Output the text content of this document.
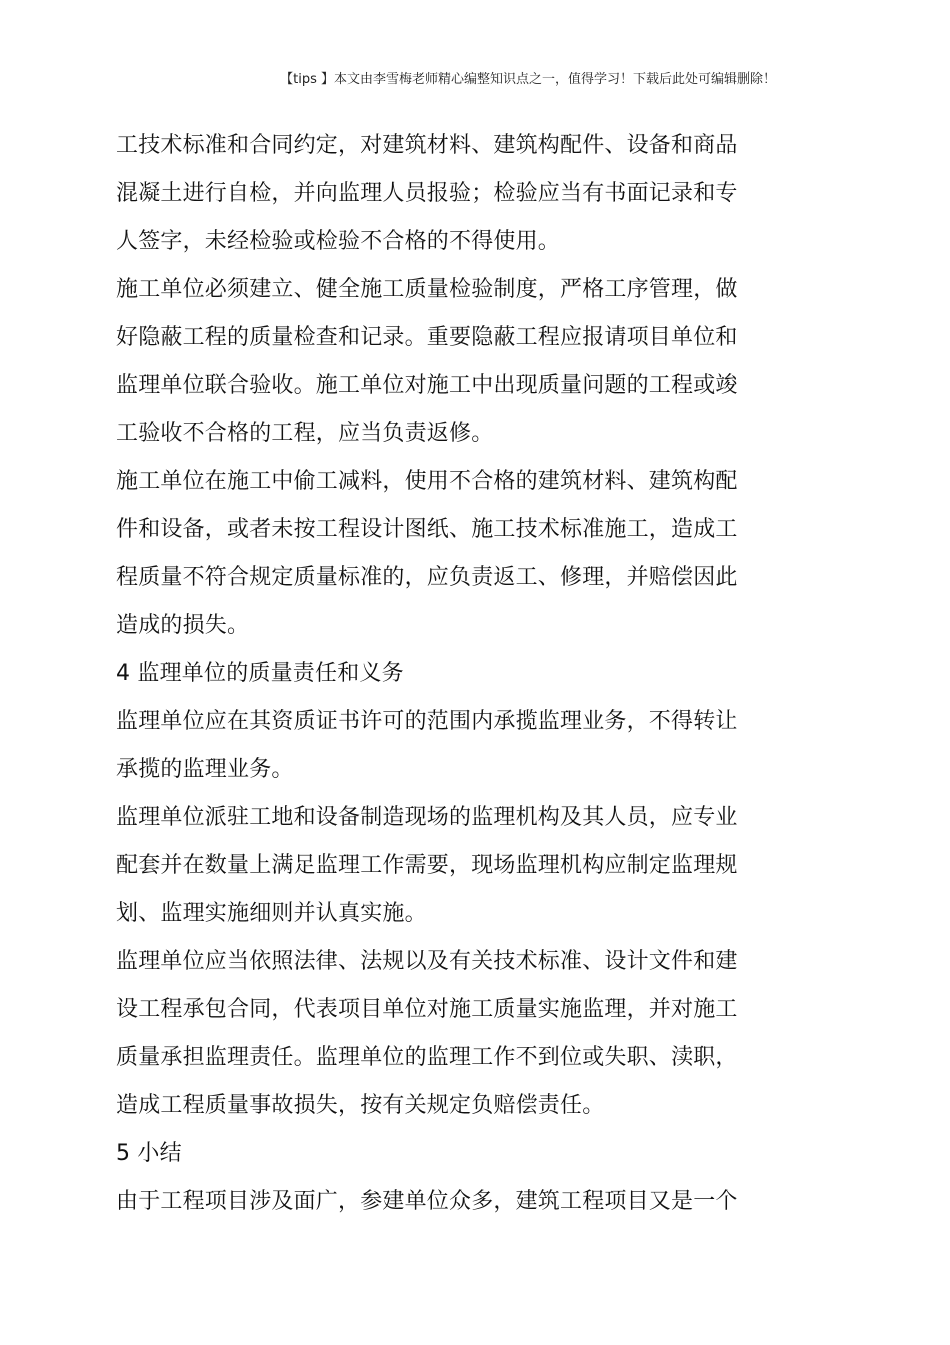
【tips 】本文由李雪梅老师精心编整知识点之一，值得学习！下载后此处可编辑删除！
工技术标准和合同约定，对建筑材料、建筑构配件、设备和商品
混凝土进行自检，并向监理人员报验；检验应当有书面记录和专
人签字，未经检验或检验不合格的不得使用。
施工单位必须建立、健全施工质量检验制度，严格工序管理，做
好隐蔽工程的质量检查和记录。重要隐蔽工程应报请项目单位和
监理单位联合验收。施工单位对施工中出现质量问题的工程或竣
工验收不合格的工程，应当负责返修。
施工单位在施工中偷工减料，使用不合格的建筑材料、建筑构配
件和设备，或者未按工程设计图纸、施工技术标准施工，造成工
程质量不符合规定质量标准的，应负责返工、修理，并赔偿因此
造成的损失。
4 监理单位的质量责任和义务
监理单位应在其资质证书许可的范围内承揽监理业务，不得转让
承揽的监理业务。
监理单位派驻工地和设备制造现场的监理机构及其人员，应专业
配套并在数量上满足监理工作需要，现场监理机构应制定监理规
划、监理实施细则并认真实施。
监理单位应当依照法律、法规以及有关技术标准、设计文件和建
设工程承包合同，代表项目单位对施工质量实施监理，并对施工
质量承担监理责任。监理单位的监理工作不到位或失职、渎职，
造成工程质量事故损失，按有关规定负赔偿责任。
5 小结
由于工程项目涉及面广，参建单位众多，建筑工程项目又是一个
